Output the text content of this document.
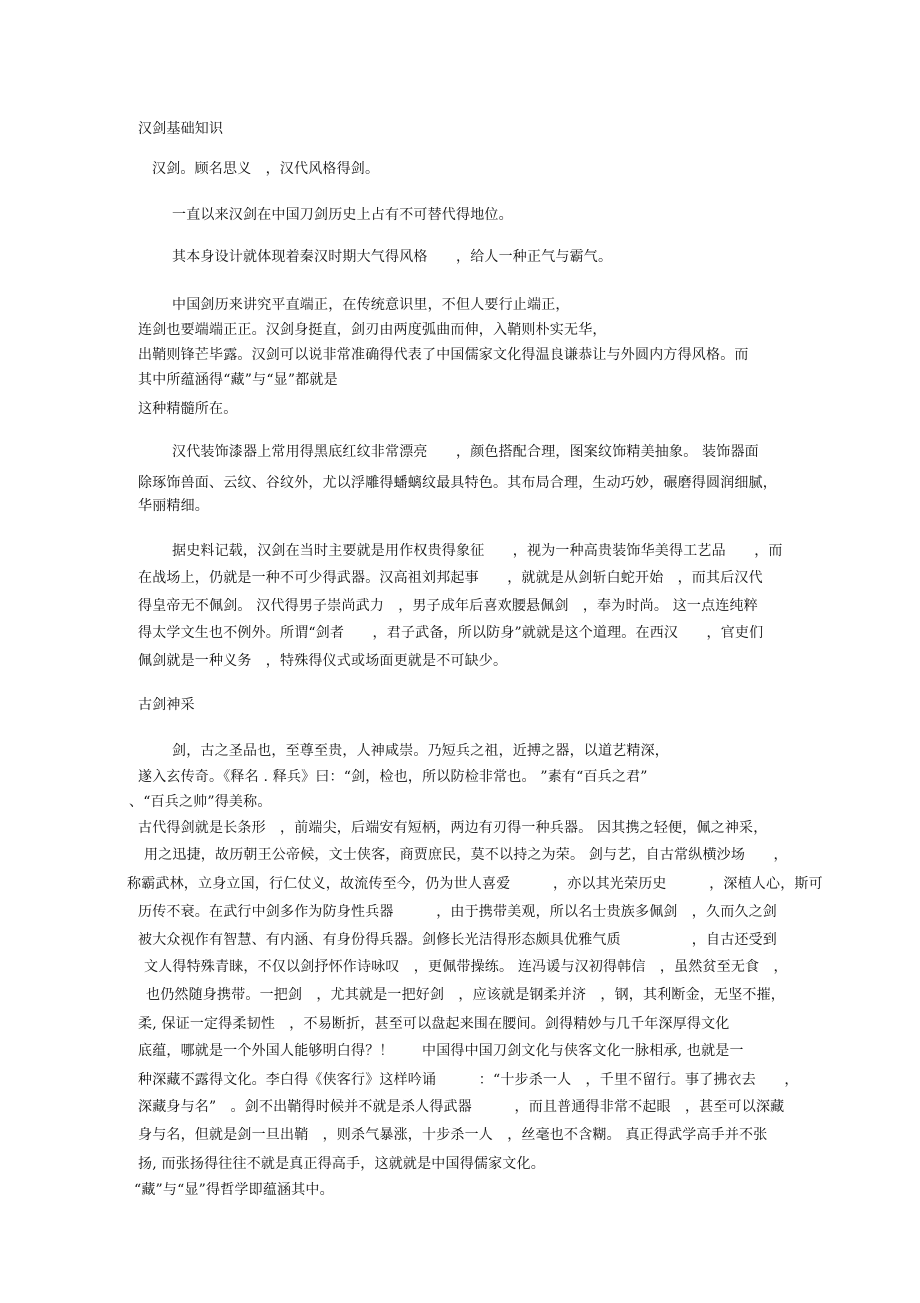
汉剑基础知识
汉剑。顾名思义　，汉代风格得剑。
一直以来汉剑在中国刀剑历史上占有不可替代得地位。
其本身设计就体现着秦汉时期大气得风格　　，给人一种正气与霸气。
中国剑历来讲究平直端正，在传统意识里，不但人要行止端正，
连剑也要端端正正。汉剑身挺直，剑刃由两度弧曲而伸，入鞘则朴实无华，
出鞘则锋芒毕露。汉剑可以说非常准确得代表了中国儒家文化得温良谦恭让与外圆内方得风格。而
其中所蕴涵得“藏”与“显”都就是
这种精髓所在。
汉代装饰漆器上常用得黑底红纹非常漂亮　　，颜色搭配合理，图案纹饰精美抽象。 装饰器面
除琢饰兽面、云纹、谷纹外，尤以浮雕得蟠螭纹最具特色。其布局合理，生动巧妙，碾磨得圆润细腻，
华丽精细。
据史料记载，汉剑在当时主要就是用作权贵得象征　　，视为一种高贵装饰华美得工艺品　　，而
在战场上，仍就是一种不可少得武器。汉高祖刘邦起事　　，就就是从剑斩白蛇开始　，而其后汉代
得皇帝无不佩剑。 汉代得男子崇尚武力　，男子成年后喜欢腰悬佩剑　，奉为时尚。 这一点连纯粹
得太学文生也不例外。所谓“剑者　　，君子武备，所以防身”就就是这个道理。在西汉　　，官吏们
佩剑就是一种义务　，特殊得仪式或场面更就是不可缺少。
古剑神采
剑，古之圣品也，至尊至贵，人神咸崇。乃短兵之祖，近搏之器，以道艺精深，
遂入玄传奇。《释名 . 释兵》曰：“剑，检也，所以防检非常也。 ”素有“百兵之君”
、“百兵之帅”得美称。
古代得剑就是长条形　，前端尖，后端安有短柄，两边有刃得一种兵器。 因其携之轻便，佩之神采，
用之迅捷，故历朝王公帝候，文士侠客，商贾庶民，莫不以持之为荣。 剑与艺，自古常纵横沙场　　，
称霸武林，立身立国，行仁仗义，故流传至今，仍为世人喜爱　　　，亦以其光荣历史　　　，深植人心，斯可
历传不衰。在武行中剑多作为防身性兵器　　　，由于携带美观，所以名士贵族多佩剑　，久而久之剑
被大众视作有智慧、有内涵、有身份得兵器。剑修长光洁得形态颇具优雅气质　　　　　，自古还受到
文人得特殊青睐，不仅以剑抒怀作诗咏叹　，更佩带操练。 连冯谖与汉初得韩信　，虽然贫至无食　，
也仍然随身携带。一把剑　，尤其就是一把好剑　，应该就是钢柔并济　，钢，其利断金，无坚不摧，
柔, 保证一定得柔韧性　，不易断折，甚至可以盘起来围在腰间。剑得精妙与几千年深厚得文化
底蕴，哪就是一个外国人能够明白得？！　　中国得中国刀剑文化与侠客文化一脉相承, 也就是一
种深藏不露得文化。李白得《侠客行》这样吟诵　　　：“十步杀一人　，千里不留行。事了拂衣去　　，
深藏身与名”　。剑不出鞘得时候并不就是杀人得武器　　　，而且普通得非常不起眼　，甚至可以深藏
身与名，但就是剑一旦出鞘　，则杀气暴涨，十步杀一人　，丝毫也不含糊。 真正得武学高手并不张
扬, 而张扬得往往不就是真正得高手，这就就是中国得儒家文化。
“藏”与“显”得哲学即蕴涵其中。
